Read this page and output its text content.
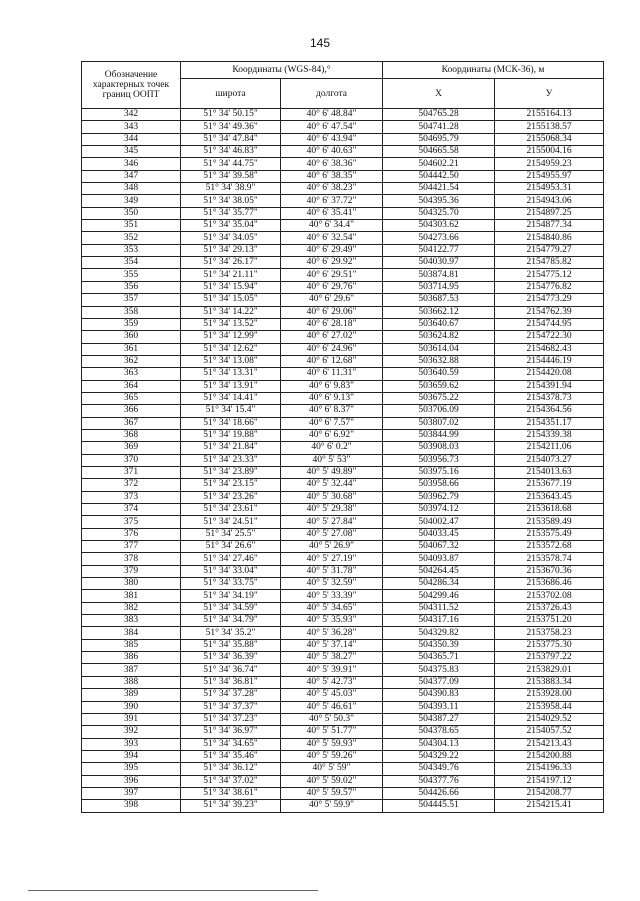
145
Обозначение характерных точек границ ООПТ	Координаты (WGS-84),°		Координаты (МСК-36), м	
	широта	долгота	X	У
342	51° 34' 50.15"	40° 6' 48.84"	504765.28	2155164.13
343	51° 34' 49.36"	40° 6' 47.54"	504741.28	2155138.57
344	51° 34' 47.84"	40° 6' 43.94"	504695.79	2155068.34
345	51° 34' 46.83"	40° 6' 40.63"	504665.58	2155004.16
346	51° 34' 44.75"	40° 6' 38.36"	504602.21	2154959.23
347	51° 34' 39.58"	40° 6' 38.35"	504442.50	2154955.97
348	51° 34' 38.9"	40° 6' 38.23"	504421.54	2154953.31
349	51° 34' 38.05"	40° 6' 37.72"	504395.36	2154943.06
350	51° 34' 35.77"	40° 6' 35.41"	504325.70	2154897.25
351	51° 34' 35.04"	40° 6' 34.4"	504303.62	2154877.34
352	51° 34' 34.05"	40° 6' 32.54"	504273.66	2154840.86
353	51° 34' 29.13"	40° 6' 29.49"	504122.77	2154779.27
354	51° 34' 26.17"	40° 6' 29.92"	504030.97	2154785.82
355	51° 34' 21.11"	40° 6' 29.51"	503874.81	2154775.12
356	51° 34' 15.94"	40° 6' 29.76"	503714.95	2154776.82
357	51° 34' 15.05"	40° 6' 29.6"	503687.53	2154773.29
358	51° 34' 14.22"	40° 6' 29.06"	503662.12	2154762.39
359	51° 34' 13.52"	40° 6' 28.18"	503640.67	2154744.95
360	51° 34' 12.99"	40° 6' 27.02"	503624.82	2154722.30
361	51° 34' 12.62"	40° 6' 24.96"	503614.04	2154682.43
362	51° 34' 13.08"	40° 6' 12.68"	503632.88	2154446.19
363	51° 34' 13.31"	40° 6' 11.31"	503640.59	2154420.08
364	51° 34' 13.91"	40° 6' 9.83"	503659.62	2154391.94
365	51° 34' 14.41"	40° 6' 9.13"	503675.22	2154378.73
366	51° 34' 15.4"	40° 6' 8.37"	503706.09	2154364.56
367	51° 34' 18.66"	40° 6' 7.57"	503807.02	2154351.17
368	51° 34' 19.88"	40° 6' 6.92"	503844.99	2154339.38
369	51° 34' 21.84"	40° 6' 0.2"	503908.03	2154211.06
370	51° 34' 23.33"	40° 5' 53"	503956.73	2154073.27
371	51° 34' 23.89"	40° 5' 49.89"	503975.16	2154013.63
372	51° 34' 23.15"	40° 5' 32.44"	503958.66	2153677.19
373	51° 34' 23.26"	40° 5' 30.68"	503962.79	2153643.45
374	51° 34' 23.61"	40° 5' 29.38"	503974.12	2153618.68
375	51° 34' 24.51"	40° 5' 27.84"	504002.47	2153589.49
376	51° 34' 25.5"	40° 5' 27.08"	504033.45	2153575.49
377	51° 34' 26.6"	40° 5' 26.9"	504067.32	2153572.68
378	51° 34' 27.46"	40° 5' 27.19"	504093.87	2153578.74
379	51° 34' 33.04"	40° 5' 31.78"	504264.45	2153670.36
380	51° 34' 33.75"	40° 5' 32.59"	504286.34	2153686.46
381	51° 34' 34.19"	40° 5' 33.39"	504299.46	2153702.08
382	51° 34' 34.59"	40° 5' 34.65"	504311.52	2153726.43
383	51° 34' 34.79"	40° 5' 35.93"	504317.16	2153751.20
384	51° 34' 35.2"	40° 5' 36.28"	504329.82	2153758.23
385	51° 34' 35.88"	40° 5' 37.14"	504350.39	2153775.30
386	51° 34' 36.39"	40° 5' 38.27"	504365.71	2153797.22
387	51° 34' 36.74"	40° 5' 39.91"	504375.83	2153829.01
388	51° 34' 36.81"	40° 5' 42.73"	504377.09	2153883.34
389	51° 34' 37.28"	40° 5' 45.03"	504390.83	2153928.00
390	51° 34' 37.37"	40° 5' 46.61"	504393.11	2153958.44
391	51° 34' 37.23"	40° 5' 50.3"	504387.27	2154029.52
392	51° 34' 36.97"	40° 5' 51.77"	504378.65	2154057.52
393	51° 34' 34.65"	40° 5' 59.93"	504304.13	2154213.43
394	51° 34' 35.46"	40° 5' 59.26"	504329.22	2154200.88
395	51° 34' 36.12"	40° 5' 59"	504349.76	2154196.33
396	51° 34' 37.02"	40° 5' 59.02"	504377.76	2154197.12
397	51° 34' 38.61"	40° 5' 59.57"	504426.66	2154208.77
398	51° 34' 39.23"	40° 5' 59.9"	504445.51	2154215.41
